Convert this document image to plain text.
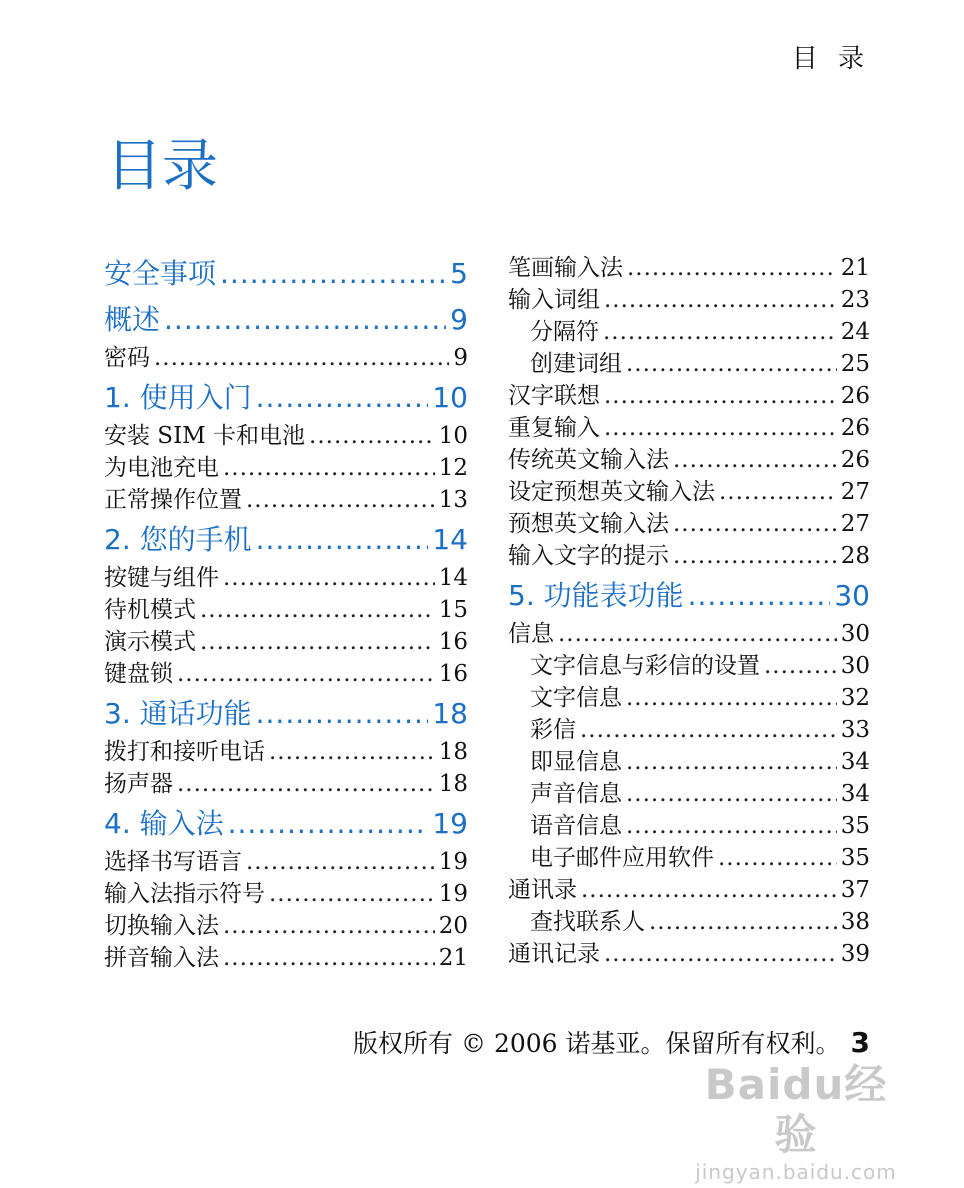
目 录
目录
安全事项 .....	5
概述 .....	9
密码 .....	9
1. 使用入门 .....	10
安装 SIM 卡和电池 .....	10
为电池充电 .....	12
正常操作位置 .....	13
2. 您的手机 .....	14
按键与组件 .....	14
待机模式 .....	15
演示模式 .....	16
键盘锁 .....	16
3. 通话功能 .....	18
拨打和接听电话 .....	18
扬声器 .....	18
4. 输入法 .....	19
选择书写语言 .....	19
输入法指示符号 .....	19
切换输入法 .....	20
拼音输入法 .....	21
笔画输入法 .....	21
输入词组 .....	23
分隔符 .....	24
创建词组 .....	25
汉字联想 .....	26
重复输入 .....	26
传统英文输入法 .....	26
设定预想英文输入法 .....	27
预想英文输入法 .....	27
输入文字的提示 .....	28
5. 功能表功能 .....	30
信息 .....	30
文字信息与彩信的设置 .....	30
文字信息 .....	32
彩信 .....	33
即显信息 .....	34
声音信息 .....	34
语音信息 .....	35
电子邮件应用软件 .....	35
通讯录 .....	37
查找联系人 .....	38
通讯记录 .....	39
版权所有 © 2006 诺基亚。保留所有权利。 3
Baidu经验
jingyan.baidu.com
